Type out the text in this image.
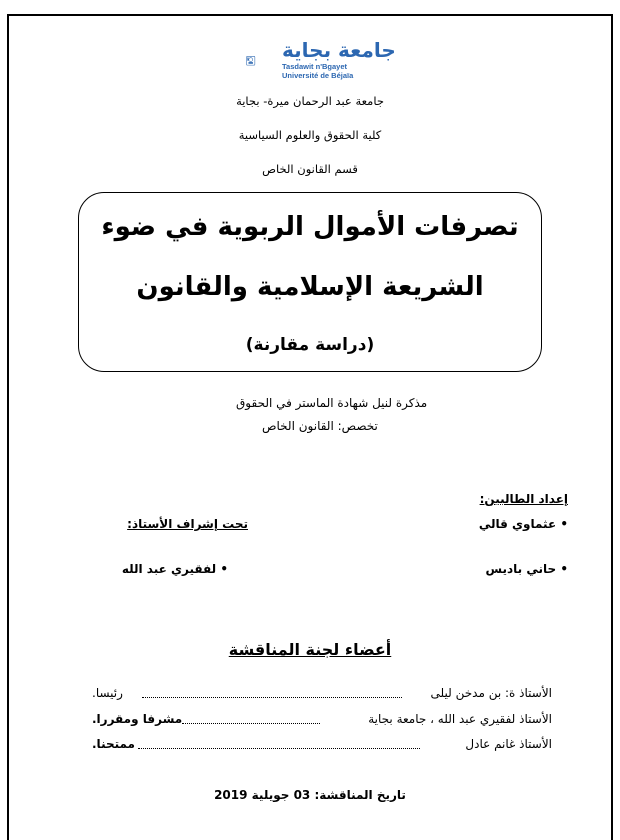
جامعة بجاية
Tasdawit n'Bgayet
Université de Béjaïa
جامعة عبد الرحمان ميرة- بجاية
كلية الحقوق والعلوم السياسية
قسم القانون الخاص
تصرفات الأموال الربوية في ضوء
الشريعة الإسلامية والقانون
(دراسة مقارنة)
مذكرة لنيل شهادة الماستر في الحقوق
تخصص: القانون الخاص
إعداد الطالبين:
• عثماوي قالي
• حاني باديس
تحت إشراف الأستاذ:
• لفقيري عبد الله
أعضاء لجنة المناقشة
الأستاذ ة: بن مدخن ليلى
رئيسا.
الأستاذ لفقيري عبد الله ، جامعة بجاية
مشرفا ومقررا.
الأستاذ غانم عادل
ممتحنا.
تاريخ المناقشة: 03 جويلية 2019
